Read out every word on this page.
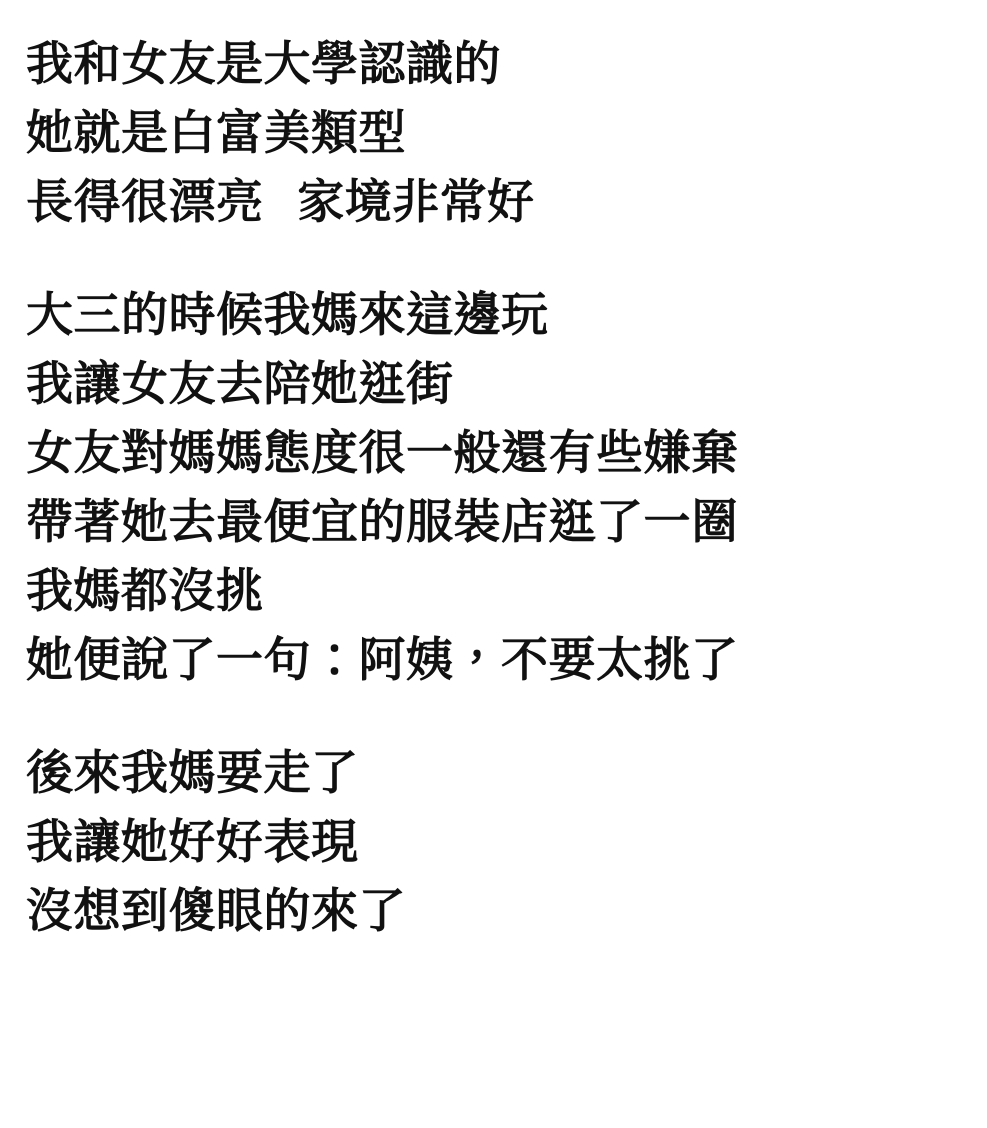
我和女友是大學認識的
她就是白富美類型
長得很漂亮  家境非常好
大三的時候我媽來這邊玩
我讓女友去陪她逛街
女友對媽媽態度很一般還有些嫌棄
帶著她去最便宜的服裝店逛了一圈
我媽都沒挑
她便說了一句：阿姨，不要太挑了
後來我媽要走了
我讓她好好表現
沒想到傻眼的來了
